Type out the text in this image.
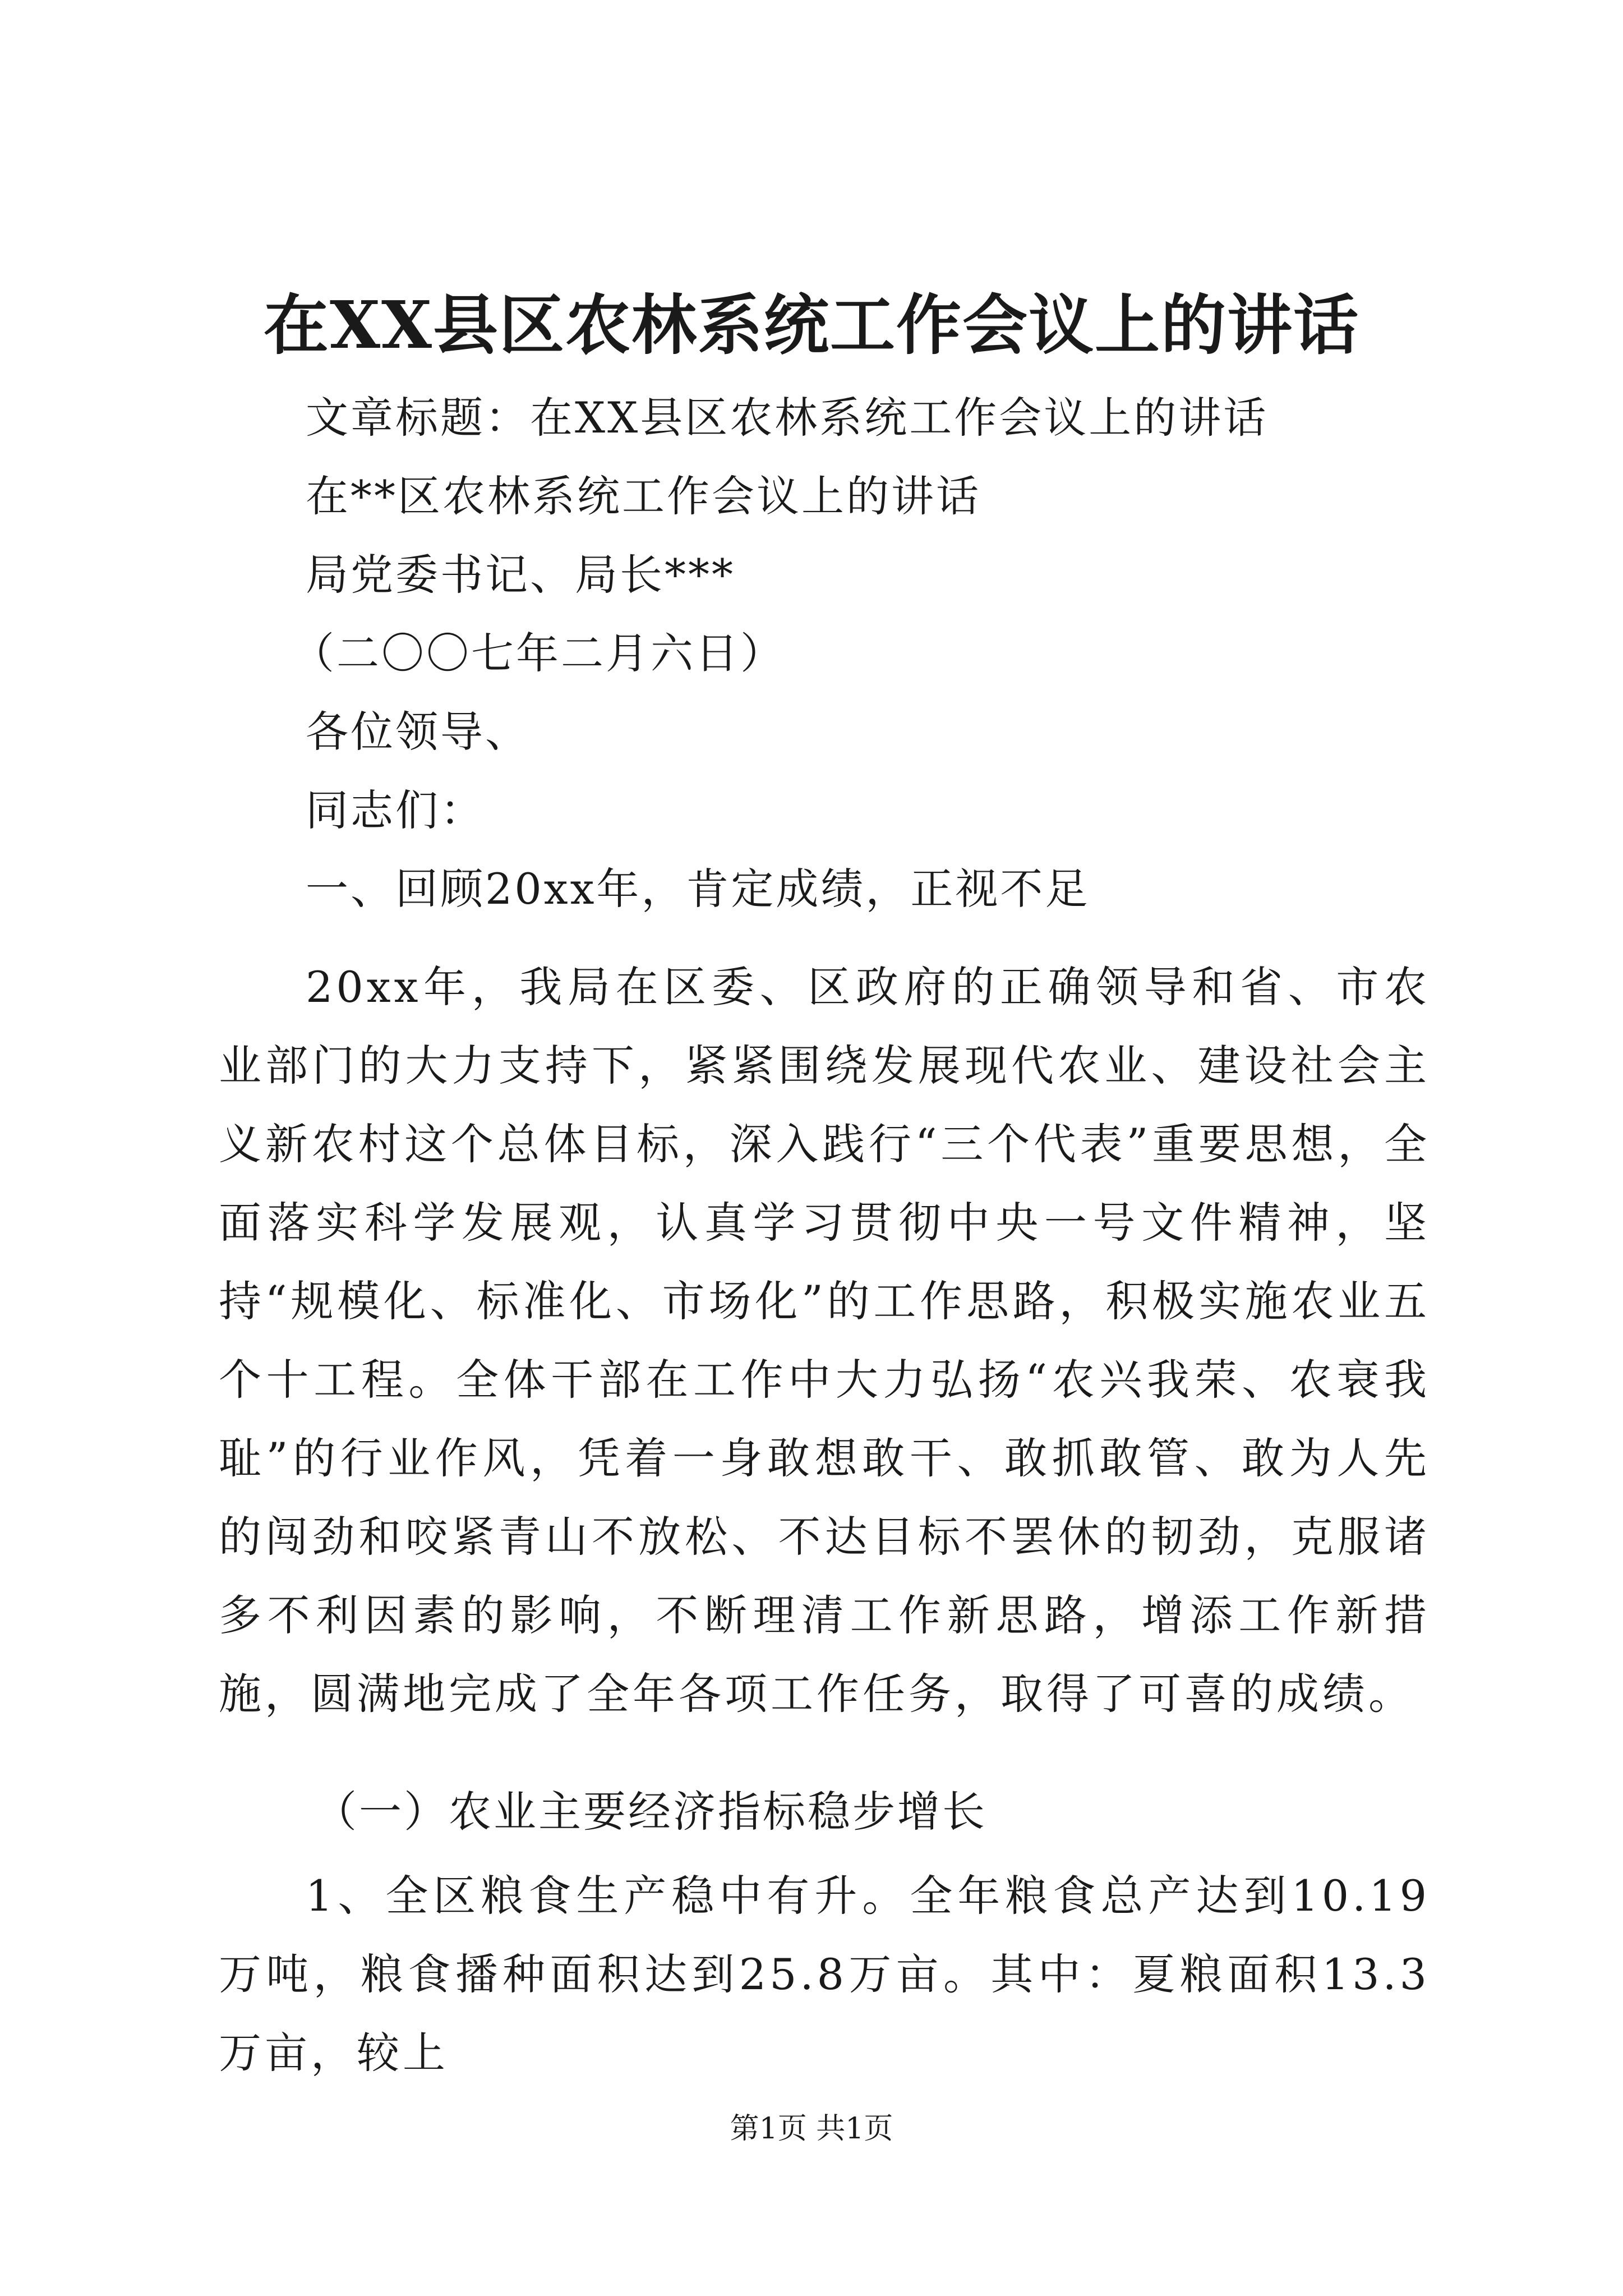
在XX县区农林系统工作会议上的讲话
文章标题：在XX县区农林系统工作会议上的讲话
在**区农林系统工作会议上的讲话
局党委书记、局长***
（二〇〇七年二月六日）
各位领导、
同志们：
一、回顾20xx年，肯定成绩，正视不足

20xx年，我局在区委、区政府的正确领导和省、市农业部门的大力支持下，紧紧围绕发展现代农业、建设社会主义新农村这个总体目标，深入践行“三个代表”重要思想，全面落实科学发展观，认真学习贯彻中央一号文件精神，坚持“规模化、标准化、市场化”的工作思路，积极实施农业五个十工程。全体干部在工作中大力弘扬“农兴我荣、农衰我耻”的行业作风，凭着一身敢想敢干、敢抓敢管、敢为人先的闯劲和咬紧青山不放松、不达目标不罢休的韧劲，克服诸多不利因素的影响，不断理清工作新思路，增添工作新措施，圆满地完成了全年各项工作任务，取得了可喜的成绩。

（一）农业主要经济指标稳步增长

1、全区粮食生产稳中有升。全年粮食总产达到10.19万吨，粮食播种面积达到25.8万亩。其中：夏粮面积13.3万亩，较上

第1页 共1页
